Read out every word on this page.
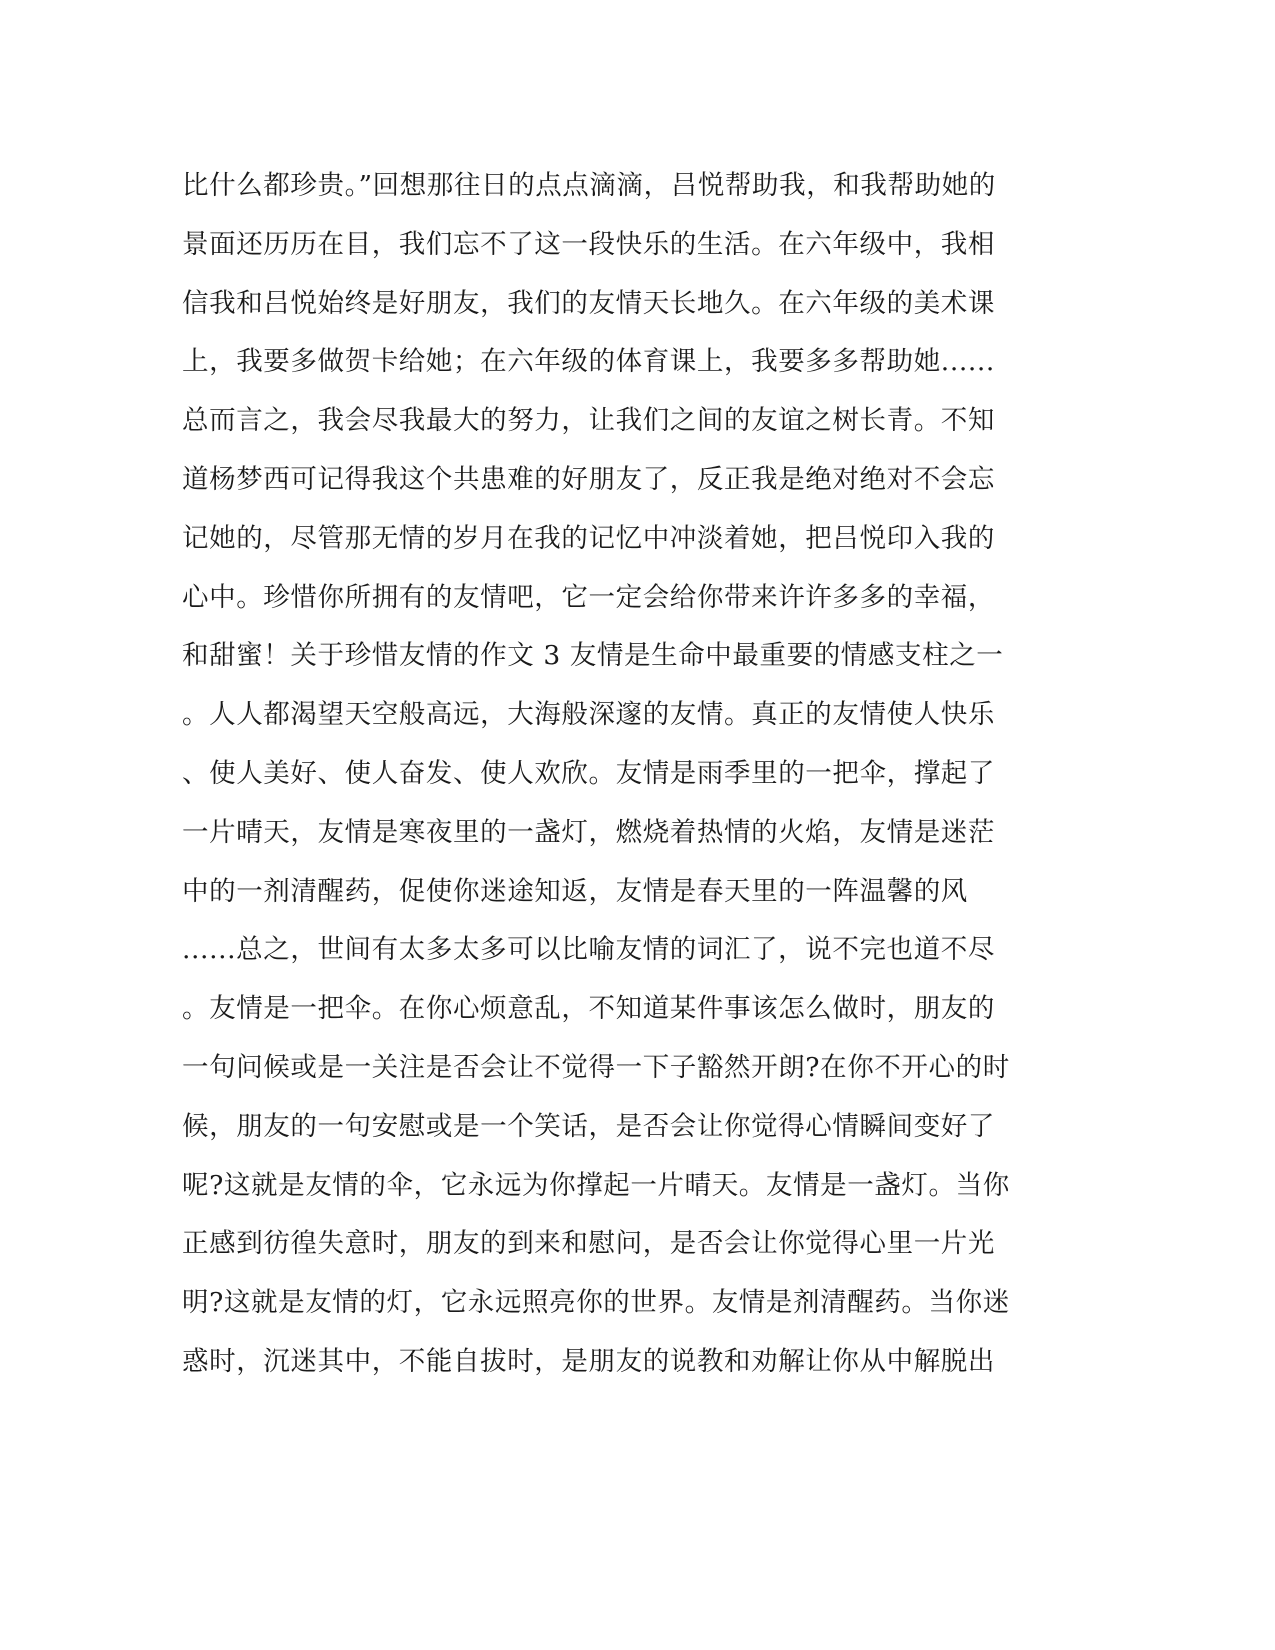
比什么都珍贵。”回想那往日的点点滴滴，吕悦帮助我，和我帮助她的
景面还历历在目，我们忘不了这一段快乐的生活。在六年级中，我相
信我和吕悦始终是好朋友，我们的友情天长地久。在六年级的美术课
上，我要多做贺卡给她；在六年级的体育课上，我要多多帮助她......
总而言之，我会尽我最大的努力，让我们之间的友谊之树长青。不知
道杨梦西可记得我这个共患难的好朋友了，反正我是绝对绝对不会忘
记她的，尽管那无情的岁月在我的记忆中冲淡着她，把吕悦印入我的
心中。珍惜你所拥有的友情吧，它一定会给你带来许许多多的幸福，
和甜蜜！关于珍惜友情的作文 3 友情是生命中最重要的情感支柱之一
。人人都渴望天空般高远，大海般深邃的友情。真正的友情使人快乐
、使人美好、使人奋发、使人欢欣。友情是雨季里的一把伞，撑起了
一片晴天，友情是寒夜里的一盏灯，燃烧着热情的火焰，友情是迷茫
中的一剂清醒药，促使你迷途知返，友情是春天里的一阵温馨的风
......总之，世间有太多太多可以比喻友情的词汇了，说不完也道不尽
。友情是一把伞。在你心烦意乱，不知道某件事该怎么做时，朋友的
一句问候或是一关注是否会让不觉得一下子豁然开朗?在你不开心的时
候，朋友的一句安慰或是一个笑话，是否会让你觉得心情瞬间变好了
呢?这就是友情的伞，它永远为你撑起一片晴天。友情是一盏灯。当你
正感到彷徨失意时，朋友的到来和慰问，是否会让你觉得心里一片光
明?这就是友情的灯，它永远照亮你的世界。友情是剂清醒药。当你迷
惑时，沉迷其中，不能自拔时，是朋友的说教和劝解让你从中解脱出
